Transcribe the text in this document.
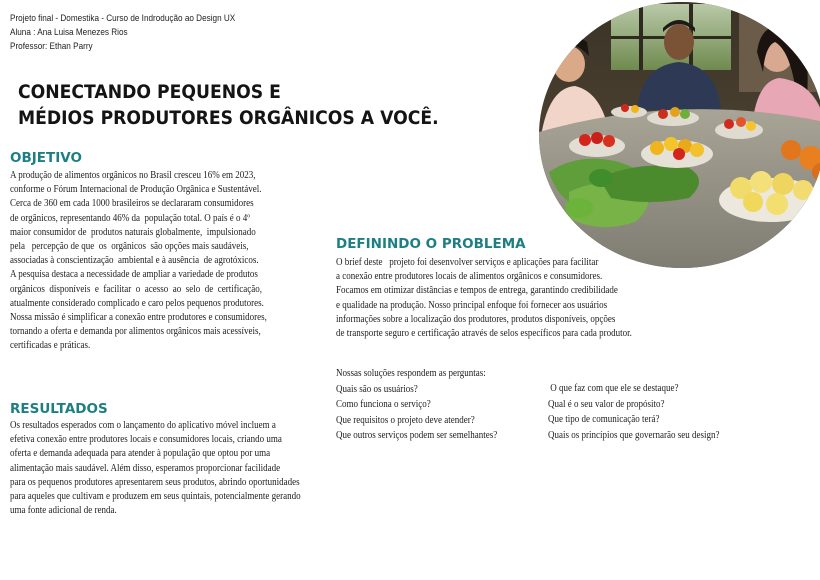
Projeto final - Domestika - Curso de Indrodução ao Design UX
Aluna : Ana Luisa Menezes Rios
Professor: Ethan Parry
CONECTANDO PEQUENOS E
MÉDIOS PRODUTORES ORGÂNICOS A VOCÊ.
OBJETIVO
A produção de alimentos orgânicos no Brasil cresceu 16% em 2023,
conforme o Fórum Internacional de Produção Orgânica e Sustentável.
Cerca de 360 em cada 1000 brasileiros se declararam consumidores
de orgânicos, representando 46% da  população total. O país é o 4º
maior consumidor de  produtos naturais globalmente,  impulsionado
pela   percepção de que  os  orgânicos  são opções mais saudáveis,
associadas à conscientização  ambiental e à ausência  de agrotóxicos.
A pesquisa destaca a necessidade de ampliar a variedade de produtos
orgânicos  disponíveis  e  facilitar  o  acesso  ao  selo  de  certificação,
atualmente considerado complicado e caro pelos pequenos produtores.
Nossa missão é simplificar a conexão entre produtores e consumidores,
tornando a oferta e demanda por alimentos orgânicos mais acessíveis,
certificadas e práticas.
RESULTADOS
Os resultados esperados com o lançamento do aplicativo móvel incluem a
efetiva conexão entre produtores locais e consumidores locais, criando uma
oferta e demanda adequada para atender à população que optou por uma
alimentação mais saudável. Além disso, esperamos proporcionar facilidade
para os pequenos produtores apresentarem seus produtos, abrindo oportunidades
para aqueles que cultivam e produzem em seus quintais, potencialmente gerando
uma fonte adicional de renda.
DEFININDO O PROBLEMA
O brief deste   projeto foi desenvolver serviços e aplicações para facilitar
a conexão entre produtores locais de alimentos orgânicos e consumidores.
Focamos em otimizar distâncias e tempos de entrega, garantindo credibilidade
e qualidade na produção. Nosso principal enfoque foi fornecer aos usuários
informações sobre a localização dos produtores, produtos disponíveis, opções
de transporte seguro e certificação através de selos específicos para cada produtor.
Nossas soluções respondem as perguntas:
Quais são os usuários?
Como funciona o serviço?
Que requisitos o projeto deve atender?
Que outros serviços podem ser semelhantes?
O que faz com que ele se destaque?
Qual é o seu valor de propósito?
Que tipo de comunicação terá?
Quais os princípios que governarão seu design?
